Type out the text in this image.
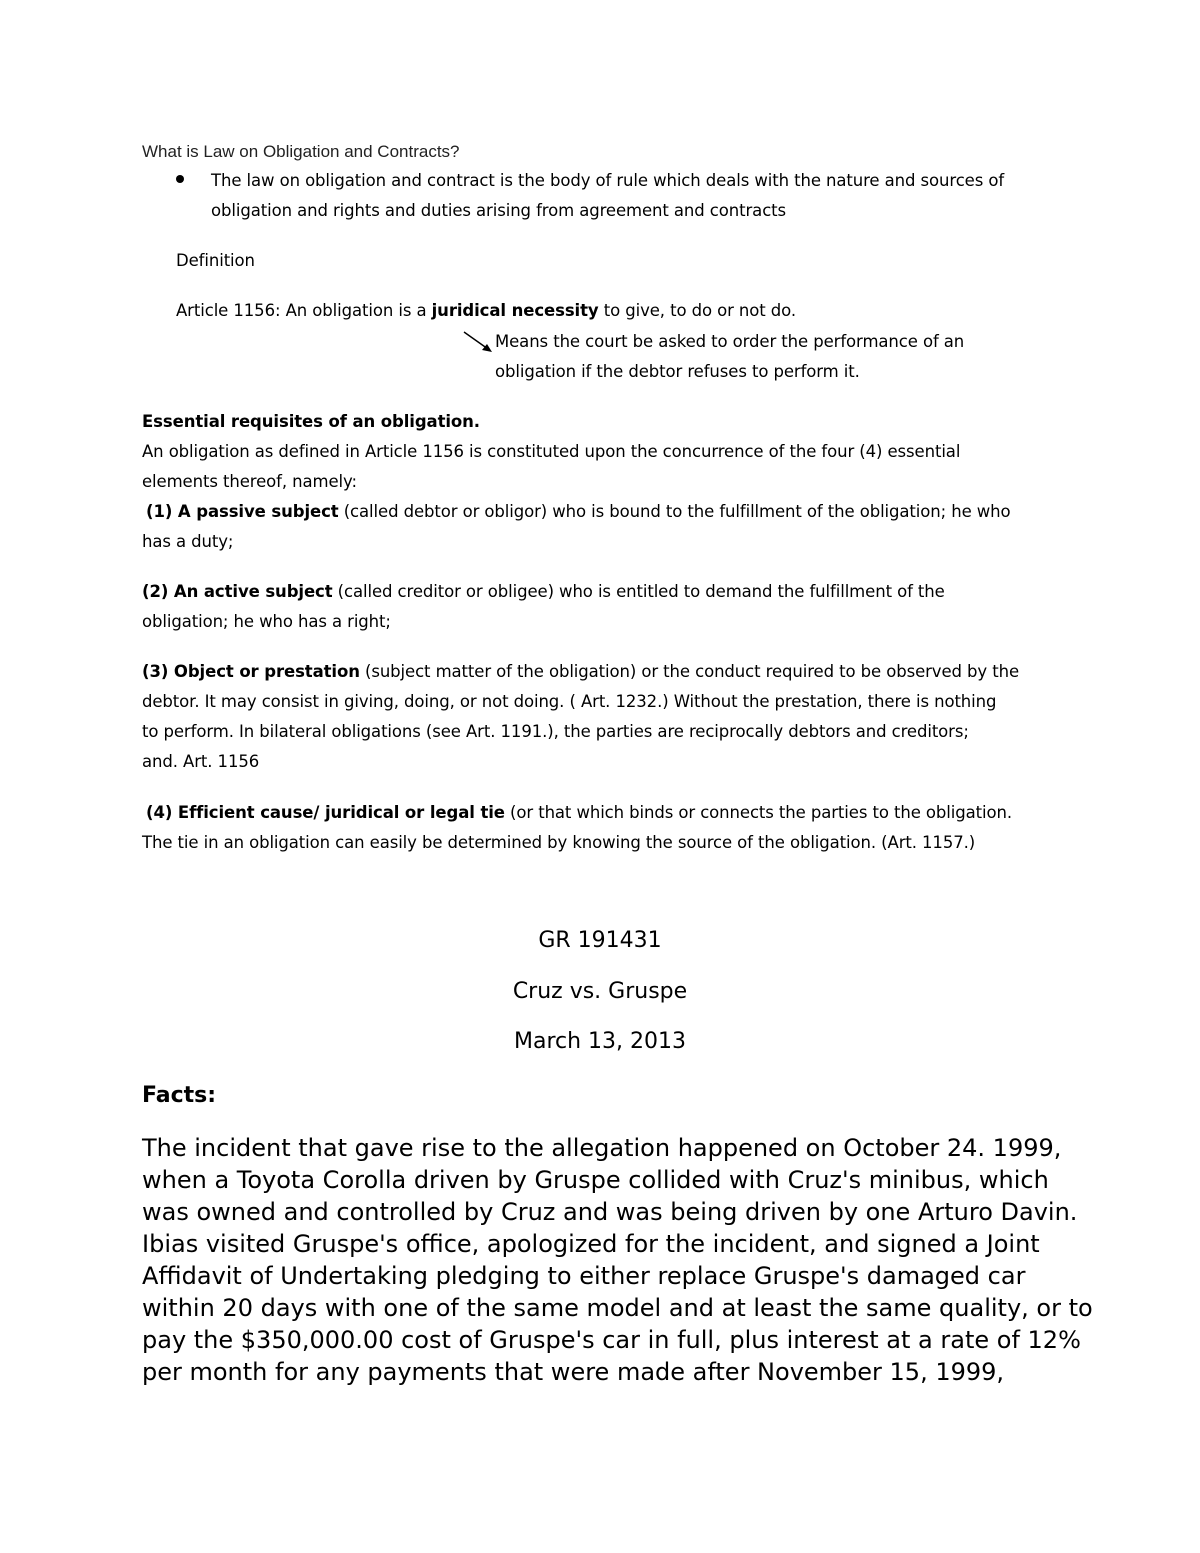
What is Law on Obligation and Contracts?
The law on obligation and contract is the body of rule which deals with the nature and sources of
obligation and rights and duties arising from agreement and contracts
Definition
Article 1156: An obligation is a juridical necessity to give, to do or not do.
Means the court be asked to order the performance of an
obligation if the debtor refuses to perform it.
Essential requisites of an obligation.
An obligation as defined in Article 1156 is constituted upon the concurrence of the four (4) essential
elements thereof, namely:
(1) A passive subject (called debtor or obligor) who is bound to the fulfillment of the obligation; he who
has a duty;
(2) An active subject (called creditor or obligee) who is entitled to demand the fulfillment of the
obligation; he who has a right;
(3) Object or prestation (subject matter of the obligation) or the conduct required to be observed by the
debtor. It may consist in giving, doing, or not doing. ( Art. 1232.) Without the prestation, there is nothing
to perform. In bilateral obligations (see Art. 1191.), the parties are reciprocally debtors and creditors;
and. Art. 1156
(4) Efficient cause/ juridical or legal tie (or that which binds or connects the parties to the obligation.
The tie in an obligation can easily be determined by knowing the source of the obligation. (Art. 1157.)
GR 191431
Cruz vs. Gruspe
March 13, 2013
Facts:
The incident that gave rise to the allegation happened on October 24. 1999, when a Toyota Corolla driven by Gruspe collided with Cruz's minibus, which was owned and controlled by Cruz and was being driven by one Arturo Davin. Ibias visited Gruspe's office, apologized for the incident, and signed a Joint Affidavit of Undertaking pledging to either replace Gruspe's damaged car within 20 days with one of the same model and at least the same quality, or to pay the $350,000.00 cost of Gruspe's car in full, plus interest at a rate of 12% per month for any payments that were made after November 15, 1999,
